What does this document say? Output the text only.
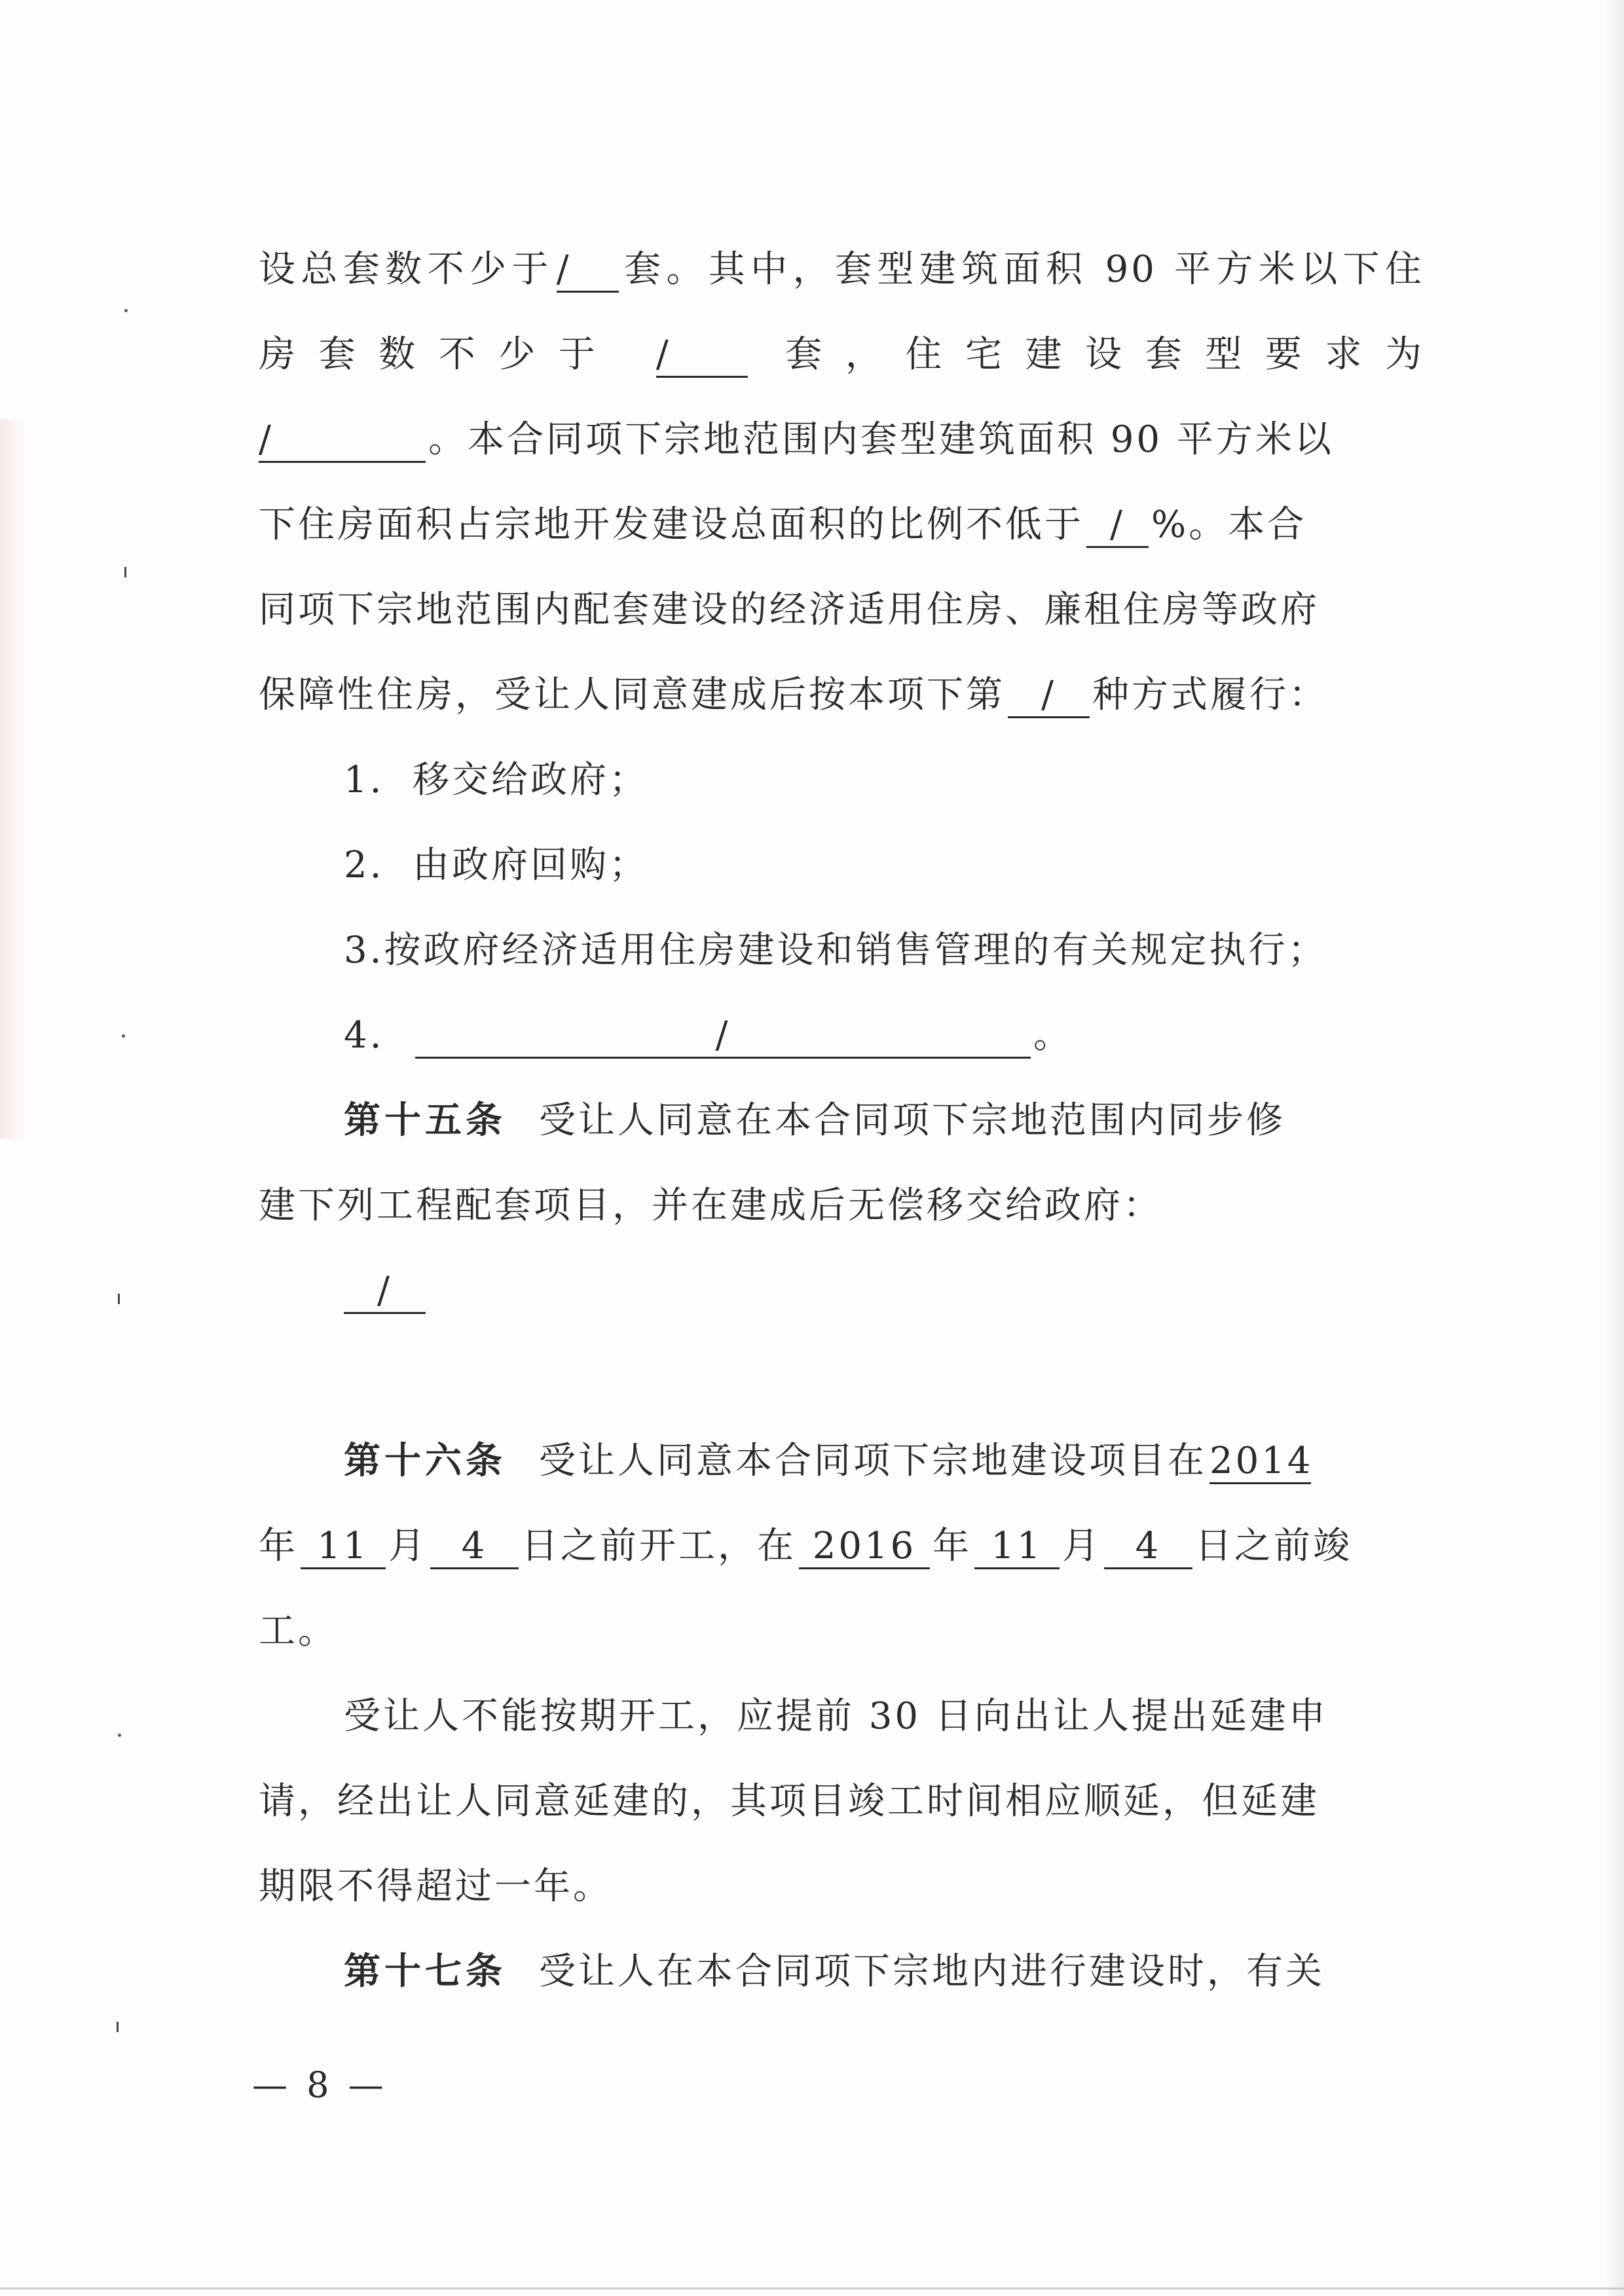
设总套数不少于/ 套。其中，套型建筑面积 90 平方米以下住
房套数不少于 /	套，住宅建设套型要求为
/	。本合同项下宗地范围内套型建筑面积 90 平方米以
下住房面积占宗地开发建设总面积的比例不低于 / %。本合
同项下宗地范围内配套建设的经济适用住房、廉租住房等政府
保障性住房，受让人同意建成后按本项下第 / 种方式履行：
1. 移交给政府；
2. 由政府回购；
3.按政府经济适用住房建设和销售管理的有关规定执行；
4.	/	。
第十五条 受让人同意在本合同项下宗地范围内同步修
建下列工程配套项目，并在建成后无偿移交给政府：
/
第十六条 受让人同意本合同项下宗地建设项目在2014
年 11 月 4 日之前开工，在 2016 年 11 月 4 日之前竣
工。
受让人不能按期开工，应提前 30 日向出让人提出延建申
请，经出让人同意延建的，其项目竣工时间相应顺延，但延建
期限不得超过一年。
第十七条 受让人在本合同项下宗地内进行建设时，有关
— 8 —
